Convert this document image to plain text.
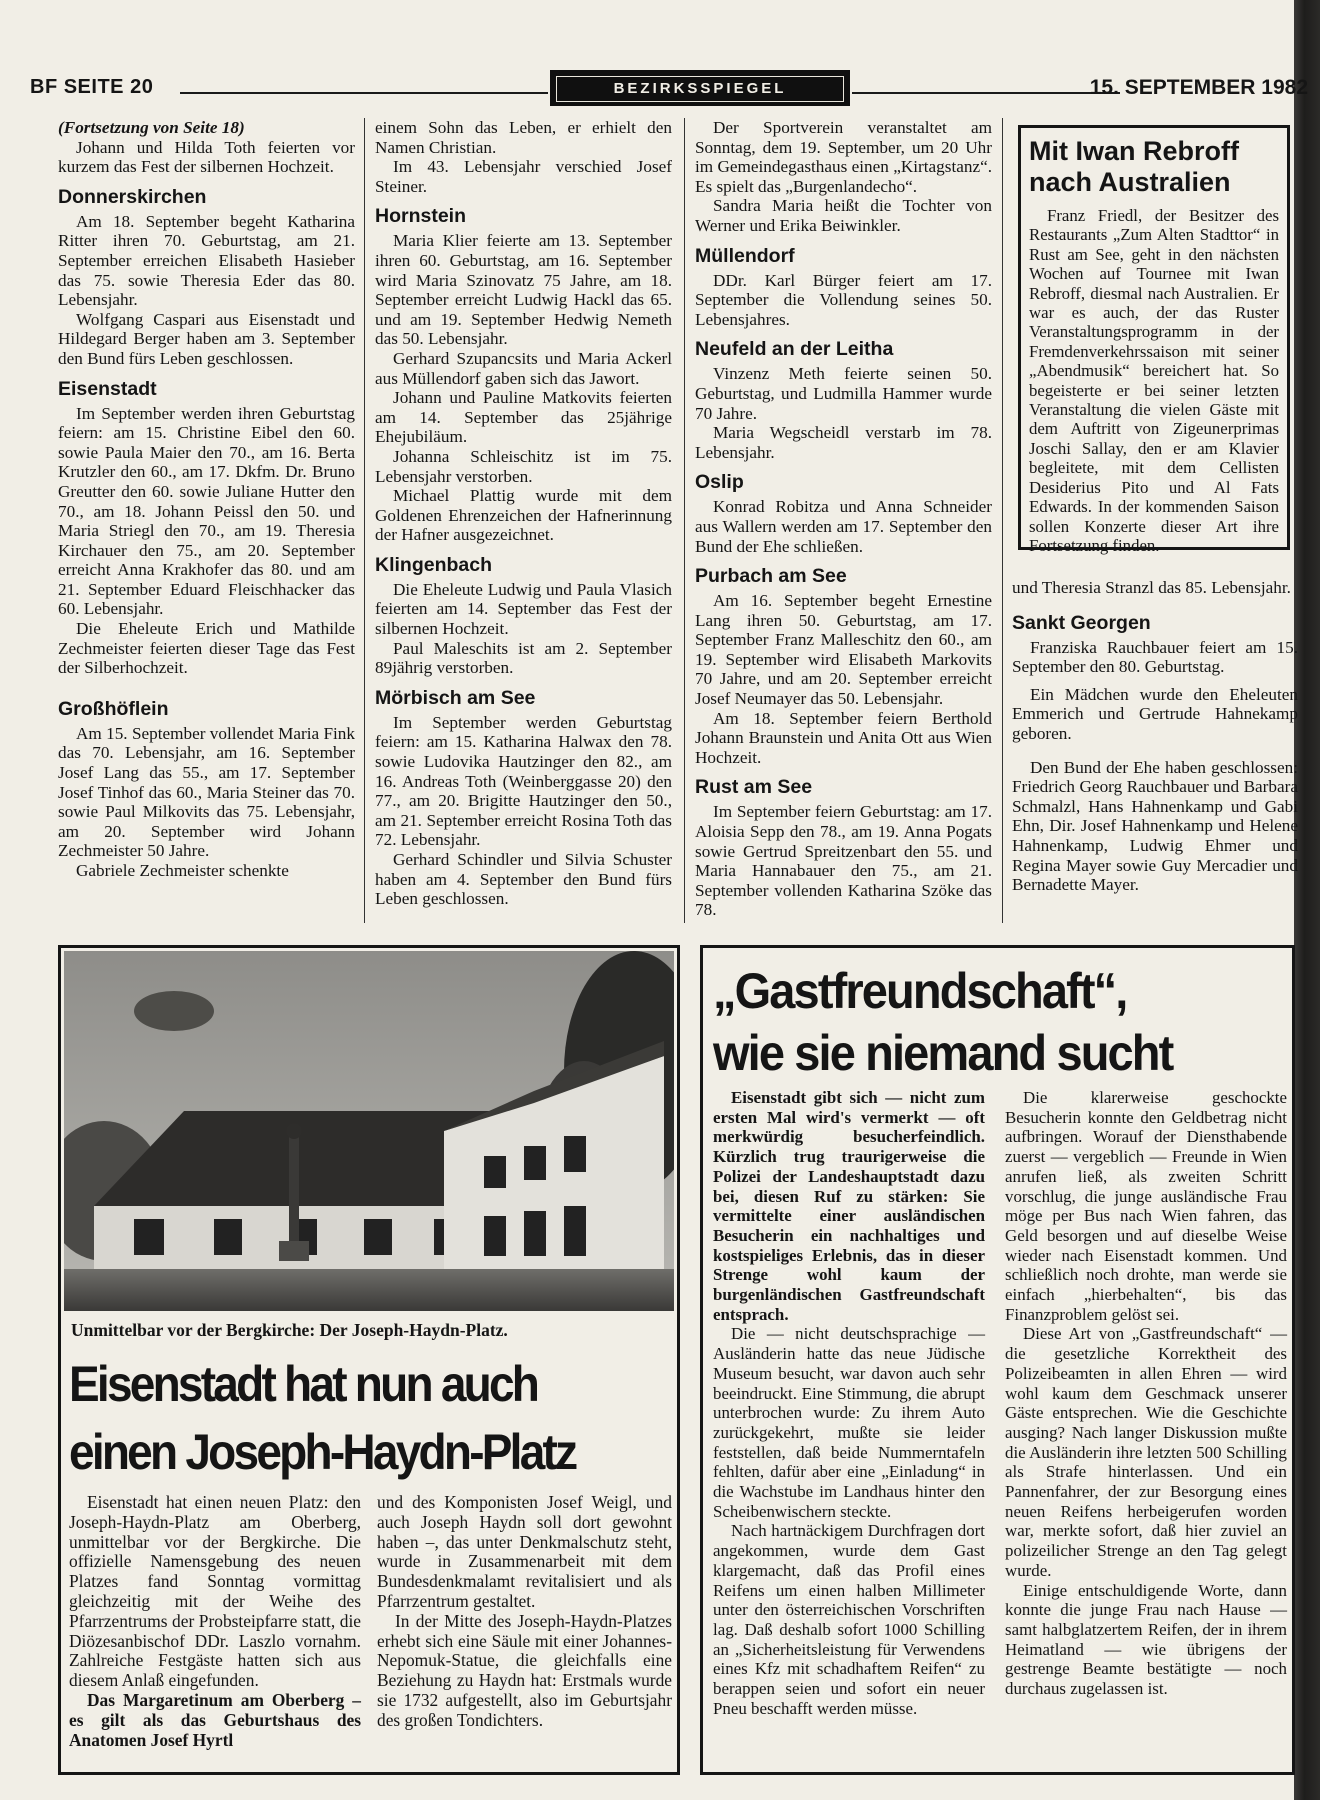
BF SEITE 20	BEZIRKSSPIEGEL	15. SEPTEMBER 1982

(Fortsetzung von Seite 18)

Johann und Hilda Toth feierten vor kurzem das Fest der silbernen Hochzeit.

Donnerskirchen

Am 18. September begeht Katharina Ritter ihren 70. Geburtstag, am 21. September erreichen Elisabeth Hasieber das 75. sowie Theresia Eder das 80. Lebensjahr.

Wolfgang Caspari aus Eisenstadt und Hildegard Berger haben am 3. September den Bund fürs Leben geschlossen.

Eisenstadt

Im September werden ihren Geburtstag feiern: am 15. Christine Eibel den 60. sowie Paula Maier den 70., am 16. Berta Krutzler den 60., am 17. Dkfm. Dr. Bruno Greutter den 60. sowie Juliane Hutter den 70., am 18. Johann Peissl den 50. und Maria Striegl den 70., am 19. Theresia Kirchauer den 75., am 20. September erreicht Anna Krakhofer das 80. und am 21. September Eduard Fleischhacker das 60. Lebensjahr.

Die Eheleute Erich und Mathilde Zechmeister feierten dieser Tage das Fest der Silberhochzeit.

Großhöflein

Am 15. September vollendet Maria Fink das 70. Lebensjahr, am 16. September Josef Lang das 55., am 17. September Josef Tinhof das 60., Maria Steiner das 70. sowie Paul Milkovits das 75. Lebensjahr, am 20. September wird Johann Zechmeister 50 Jahre.

Gabriele Zechmeister schenkte

einem Sohn das Leben, er erhielt den Namen Christian.

Im 43. Lebensjahr verschied Josef Steiner.

Hornstein

Maria Klier feierte am 13. September ihren 60. Geburtstag, am 16. September wird Maria Szinovatz 75 Jahre, am 18. September erreicht Ludwig Hackl das 65. und am 19. September Hedwig Nemeth das 50. Lebensjahr.

Gerhard Szupancsits und Maria Ackerl aus Müllendorf gaben sich das Jawort.

Johann und Pauline Matkovits feierten am 14. September das 25jährige Ehejubiläum.

Johanna Schleischitz ist im 75. Lebensjahr verstorben.

Michael Plattig wurde mit dem Goldenen Ehrenzeichen der Hafnerinnung der Hafner ausgezeichnet.

Klingenbach

Die Eheleute Ludwig und Paula Vlasich feierten am 14. September das Fest der silbernen Hochzeit.

Paul Maleschits ist am 2. September 89jährig verstorben.

Mörbisch am See

Im September werden Geburtstag feiern: am 15. Katharina Halwax den 78. sowie Ludovika Hautzinger den 82., am 16. Andreas Toth (Weinberggasse 20) den 77., am 20. Brigitte Hautzinger den 50., am 21. September erreicht Rosina Toth das 72. Lebensjahr.

Gerhard Schindler und Silvia Schuster haben am 4. September den Bund fürs Leben geschlossen.

Der Sportverein veranstaltet am Sonntag, dem 19. September, um 20 Uhr im Gemeindegasthaus einen „Kirtagstanz“. Es spielt das „Burgenlandecho“.

Sandra Maria heißt die Tochter von Werner und Erika Beiwinkler.

Müllendorf

DDr. Karl Bürger feiert am 17. September die Vollendung seines 50. Lebensjahres.

Neufeld an der Leitha

Vinzenz Meth feierte seinen 50. Geburtstag, und Ludmilla Hammer wurde 70 Jahre.

Maria Wegscheidl verstarb im 78. Lebensjahr.

Oslip

Konrad Robitza und Anna Schneider aus Wallern werden am 17. September den Bund der Ehe schließen.

Purbach am See

Am 16. September begeht Ernestine Lang ihren 50. Geburtstag, am 17. September Franz Malleschitz den 60., am 19. September wird Elisabeth Markovits 70 Jahre, und am 20. September erreicht Josef Neumayer das 50. Lebensjahr.

Am 18. September feiern Berthold Johann Braunstein und Anita Ott aus Wien Hochzeit.

Rust am See

Im September feiern Geburtstag: am 17. Aloisia Sepp den 78., am 19. Anna Pogats sowie Gertrud Spreitzenbart den 55. und Maria Hannabauer den 75., am 21. September vollenden Katharina Szöke das 78.

Mit Iwan Rebroff nach Australien

Franz Friedl, der Besitzer des Restaurants „Zum Alten Stadttor“ in Rust am See, geht in den nächsten Wochen auf Tournee mit Iwan Rebroff, diesmal nach Australien. Er war es auch, der das Ruster Veranstaltungsprogramm in der Fremdenverkehrssaison mit seiner „Abendmusik“ bereichert hat. So begeisterte er bei seiner letzten Veranstaltung die vielen Gäste mit dem Auftritt von Zigeunerprimas Joschi Sallay, den er am Klavier begleitete, mit dem Cellisten Desiderius Pito und Al Fats Edwards. In der kommenden Saison sollen Konzerte dieser Art ihre Fortsetzung finden.

und Theresia Stranzl das 85. Lebensjahr.

Sankt Georgen

Franziska Rauchbauer feiert am 15. September den 80. Geburtstag.

Ein Mädchen wurde den Eheleuten Emmerich und Gertrude Hahnekamp geboren.

Den Bund der Ehe haben geschlossen: Friedrich Georg Rauchbauer und Barbara Schmalzl, Hans Hahnenkamp und Gabi Ehn, Dir. Josef Hahnenkamp und Helene Hahnenkamp, Ludwig Ehmer und Regina Mayer sowie Guy Mercadier und Bernadette Mayer.

Unmittelbar vor der Bergkirche: Der Joseph-Haydn-Platz.
Eisenstadt hat nun auch
einen Joseph-Haydn-Platz

Eisenstadt hat einen neuen Platz: den Joseph-Haydn-Platz am Oberberg, unmittelbar vor der Bergkirche. Die offizielle Namensgebung des neuen Platzes fand Sonntag vormittag gleichzeitig mit der Weihe des Pfarrzentrums der Probsteipfarre statt, die Diözesanbischof DDr. Laszlo vornahm. Zahlreiche Festgäste hatten sich aus diesem Anlaß eingefunden.

Das Margaretinum am Oberberg – es gilt als das Geburtshaus des Anatomen Josef Hyrtl

und des Komponisten Josef Weigl, und auch Joseph Haydn soll dort gewohnt haben –, das unter Denkmalschutz steht, wurde in Zusammenarbeit mit dem Bundesdenkmalamt revitalisiert und als Pfarrzentrum gestaltet.

In der Mitte des Joseph-Haydn-Platzes erhebt sich eine Säule mit einer Johannes-Nepomuk-Statue, die gleichfalls eine Beziehung zu Haydn hat: Erstmals wurde sie 1732 aufgestellt, also im Geburtsjahr des großen Tondichters.

„Gastfreundschaft“,
wie sie niemand sucht

Eisenstadt gibt sich — nicht zum ersten Mal wird's vermerkt — oft merkwürdig besucherfeindlich. Kürzlich trug traurigerweise die Polizei der Landeshauptstadt dazu bei, diesen Ruf zu stärken: Sie vermittelte einer ausländischen Besucherin ein nachhaltiges und kostspieliges Erlebnis, das in dieser Strenge wohl kaum der burgenländischen Gastfreundschaft entsprach.

Die — nicht deutschsprachige — Ausländerin hatte das neue Jüdische Museum besucht, war davon auch sehr beeindruckt. Eine Stimmung, die abrupt unterbrochen wurde: Zu ihrem Auto zurückgekehrt, mußte sie leider feststellen, daß beide Nummerntafeln fehlten, dafür aber eine „Einladung“ in die Wachstube im Landhaus hinter den Scheibenwischern steckte.

Nach hartnäckigem Durchfragen dort angekommen, wurde dem Gast klargemacht, daß das Profil eines Reifens um einen halben Millimeter unter den österreichischen Vorschriften lag. Daß deshalb sofort 1000 Schilling an „Sicherheitsleistung für Verwendens eines Kfz mit schadhaftem Reifen“ zu berappen seien und sofort ein neuer Pneu beschafft werden müsse.

Die klarerweise geschockte Besucherin konnte den Geldbetrag nicht aufbringen. Worauf der Diensthabende zuerst — vergeblich — Freunde in Wien anrufen ließ, als zweiten Schritt vorschlug, die junge ausländische Frau möge per Bus nach Wien fahren, das Geld besorgen und auf dieselbe Weise wieder nach Eisenstadt kommen. Und schließlich noch drohte, man werde sie einfach „hierbehalten“, bis das Finanzproblem gelöst sei.

Diese Art von „Gastfreundschaft“ — die gesetzliche Korrektheit des Polizeibeamten in allen Ehren — wird wohl kaum dem Geschmack unserer Gäste entsprechen. Wie die Geschichte ausging? Nach langer Diskussion mußte die Ausländerin ihre letzten 500 Schilling als Strafe hinterlassen. Und ein Pannenfahrer, der zur Besorgung eines neuen Reifens herbeigerufen worden war, merkte sofort, daß hier zuviel an polizeilicher Strenge an den Tag gelegt wurde.

Einige entschuldigende Worte, dann konnte die junge Frau nach Hause — samt halbglatzertem Reifen, der in ihrem Heimatland — wie übrigens der gestrenge Beamte bestätigte — noch durchaus zugelassen ist.
